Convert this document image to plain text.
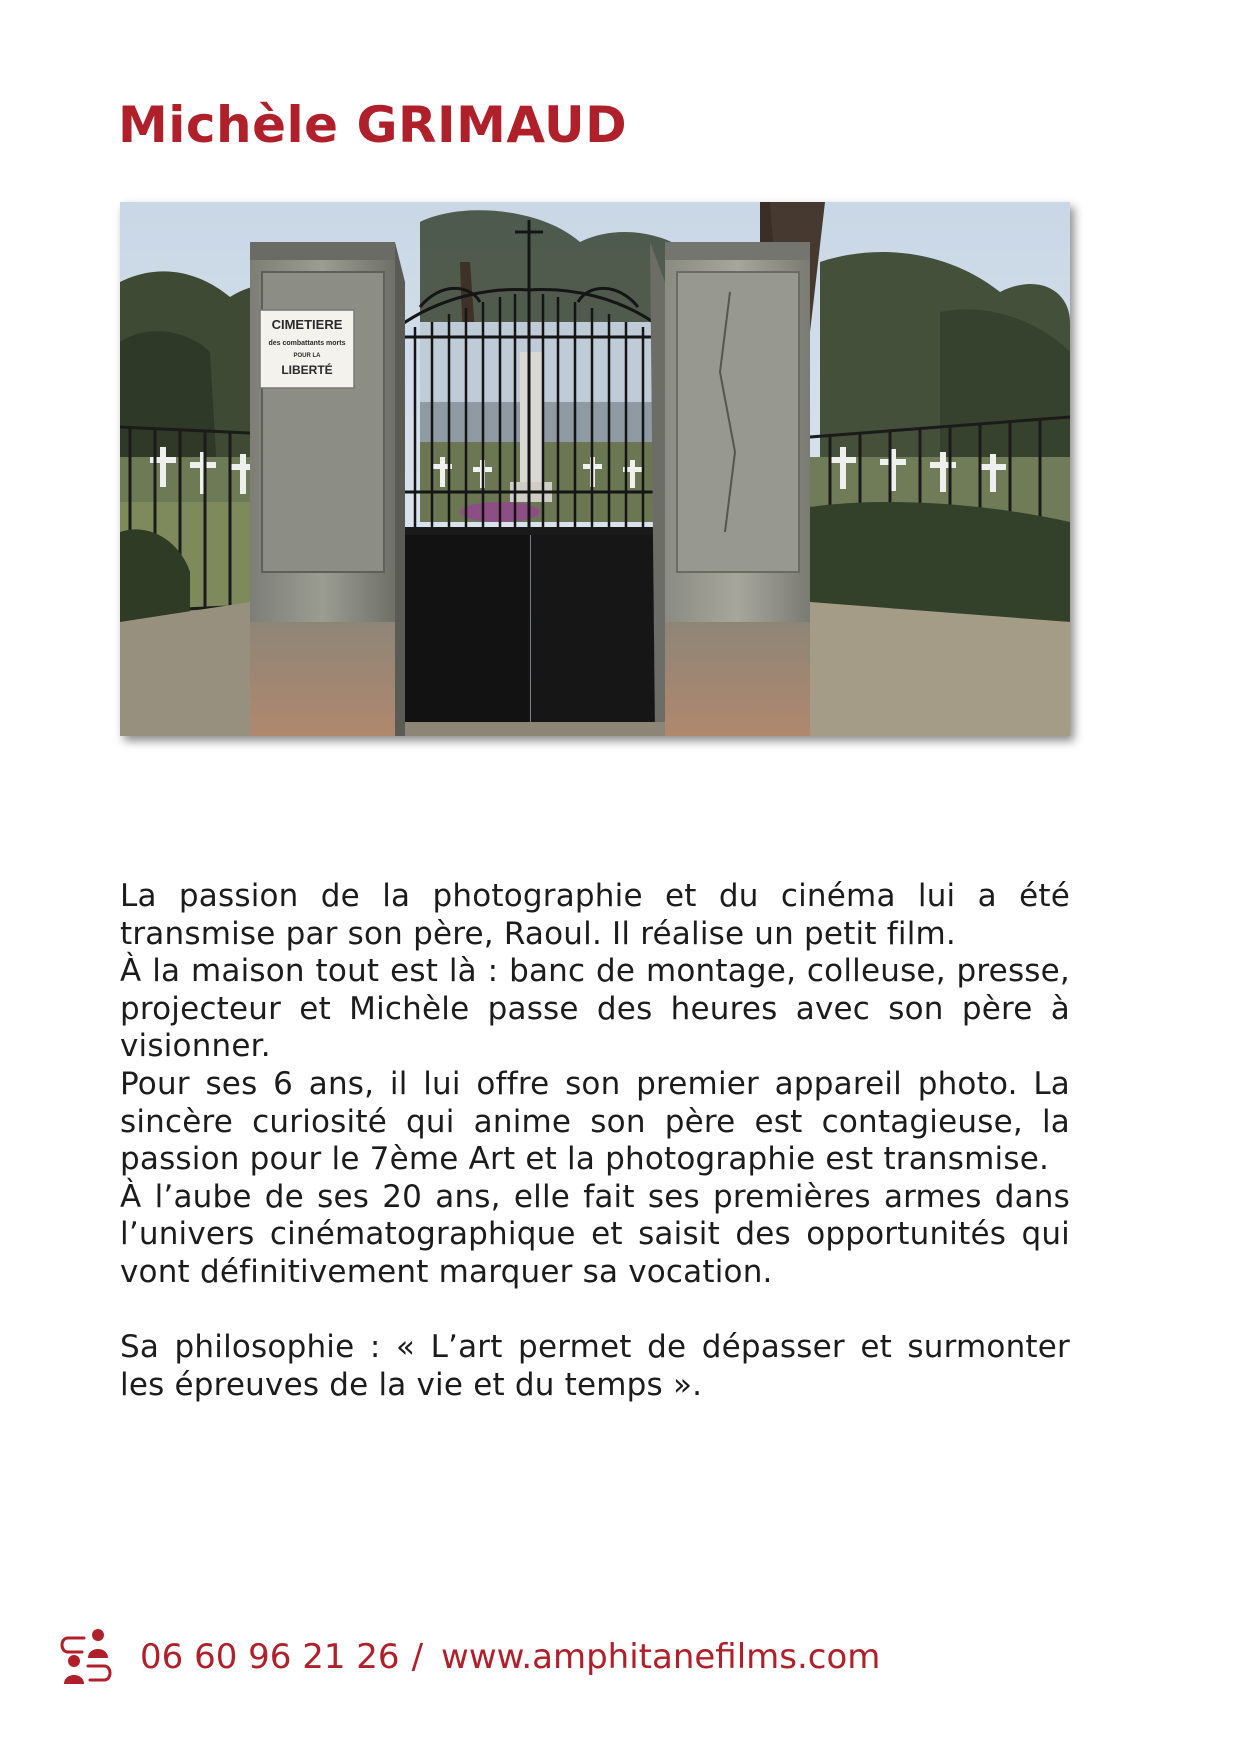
Michèle GRIMAUD
CIMETIERE
des combattants morts
POUR LA
LIBERTÉ

La passion de la photographie et du cinéma lui a été transmise par son père, Raoul. Il réalise un petit film.

À la maison tout est là : banc de montage, colleuse, presse, projecteur et Michèle passe des heures avec son père à visionner.

Pour ses 6 ans, il lui offre son premier appareil photo. La sincère curiosité qui anime son père est contagieuse, la passion pour le 7ème Art et la photographie est transmise.

À l’aube de ses 20 ans, elle fait ses premières armes dans l’univers cinématographique et saisit des opportunités qui vont définitivement marquer sa vocation.

Sa philosophie : « L’art permet de dépasser et surmonter les épreuves de la vie et du temps ».

06 60 96 21 26 / www.amphitanefilms.com
